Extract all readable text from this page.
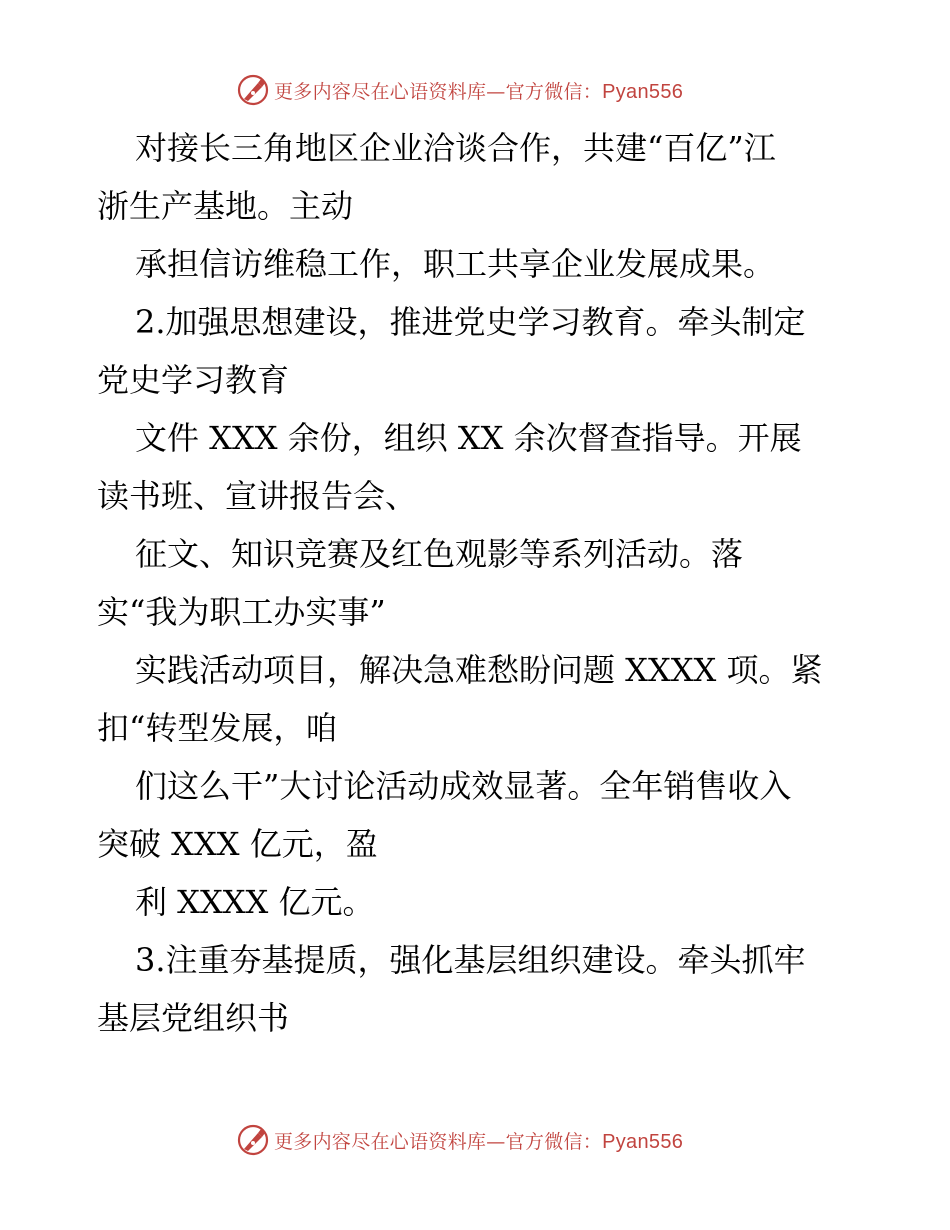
更多内容尽在心语资料库—官方微信：Pyan556
对接长三角地区企业洽谈合作，共建“百亿”江
浙生产基地。主动
承担信访维稳工作，职工共享企业发展成果。
2.加强思想建设，推进党史学习教育。牵头制定
党史学习教育
文件 XXX 余份，组织 XX 余次督查指导。开展
读书班、宣讲报告会、
征文、知识竞赛及红色观影等系列活动。落
实“我为职工办实事”
实践活动项目，解决急难愁盼问题 XXXX 项。紧
扣“转型发展，咱
们这么干”大讨论活动成效显著。全年销售收入
突破 XXX 亿元，盈
利 XXXX 亿元。
3.注重夯基提质，强化基层组织建设。牵头抓牢
基层党组织书
更多内容尽在心语资料库—官方微信：Pyan556
